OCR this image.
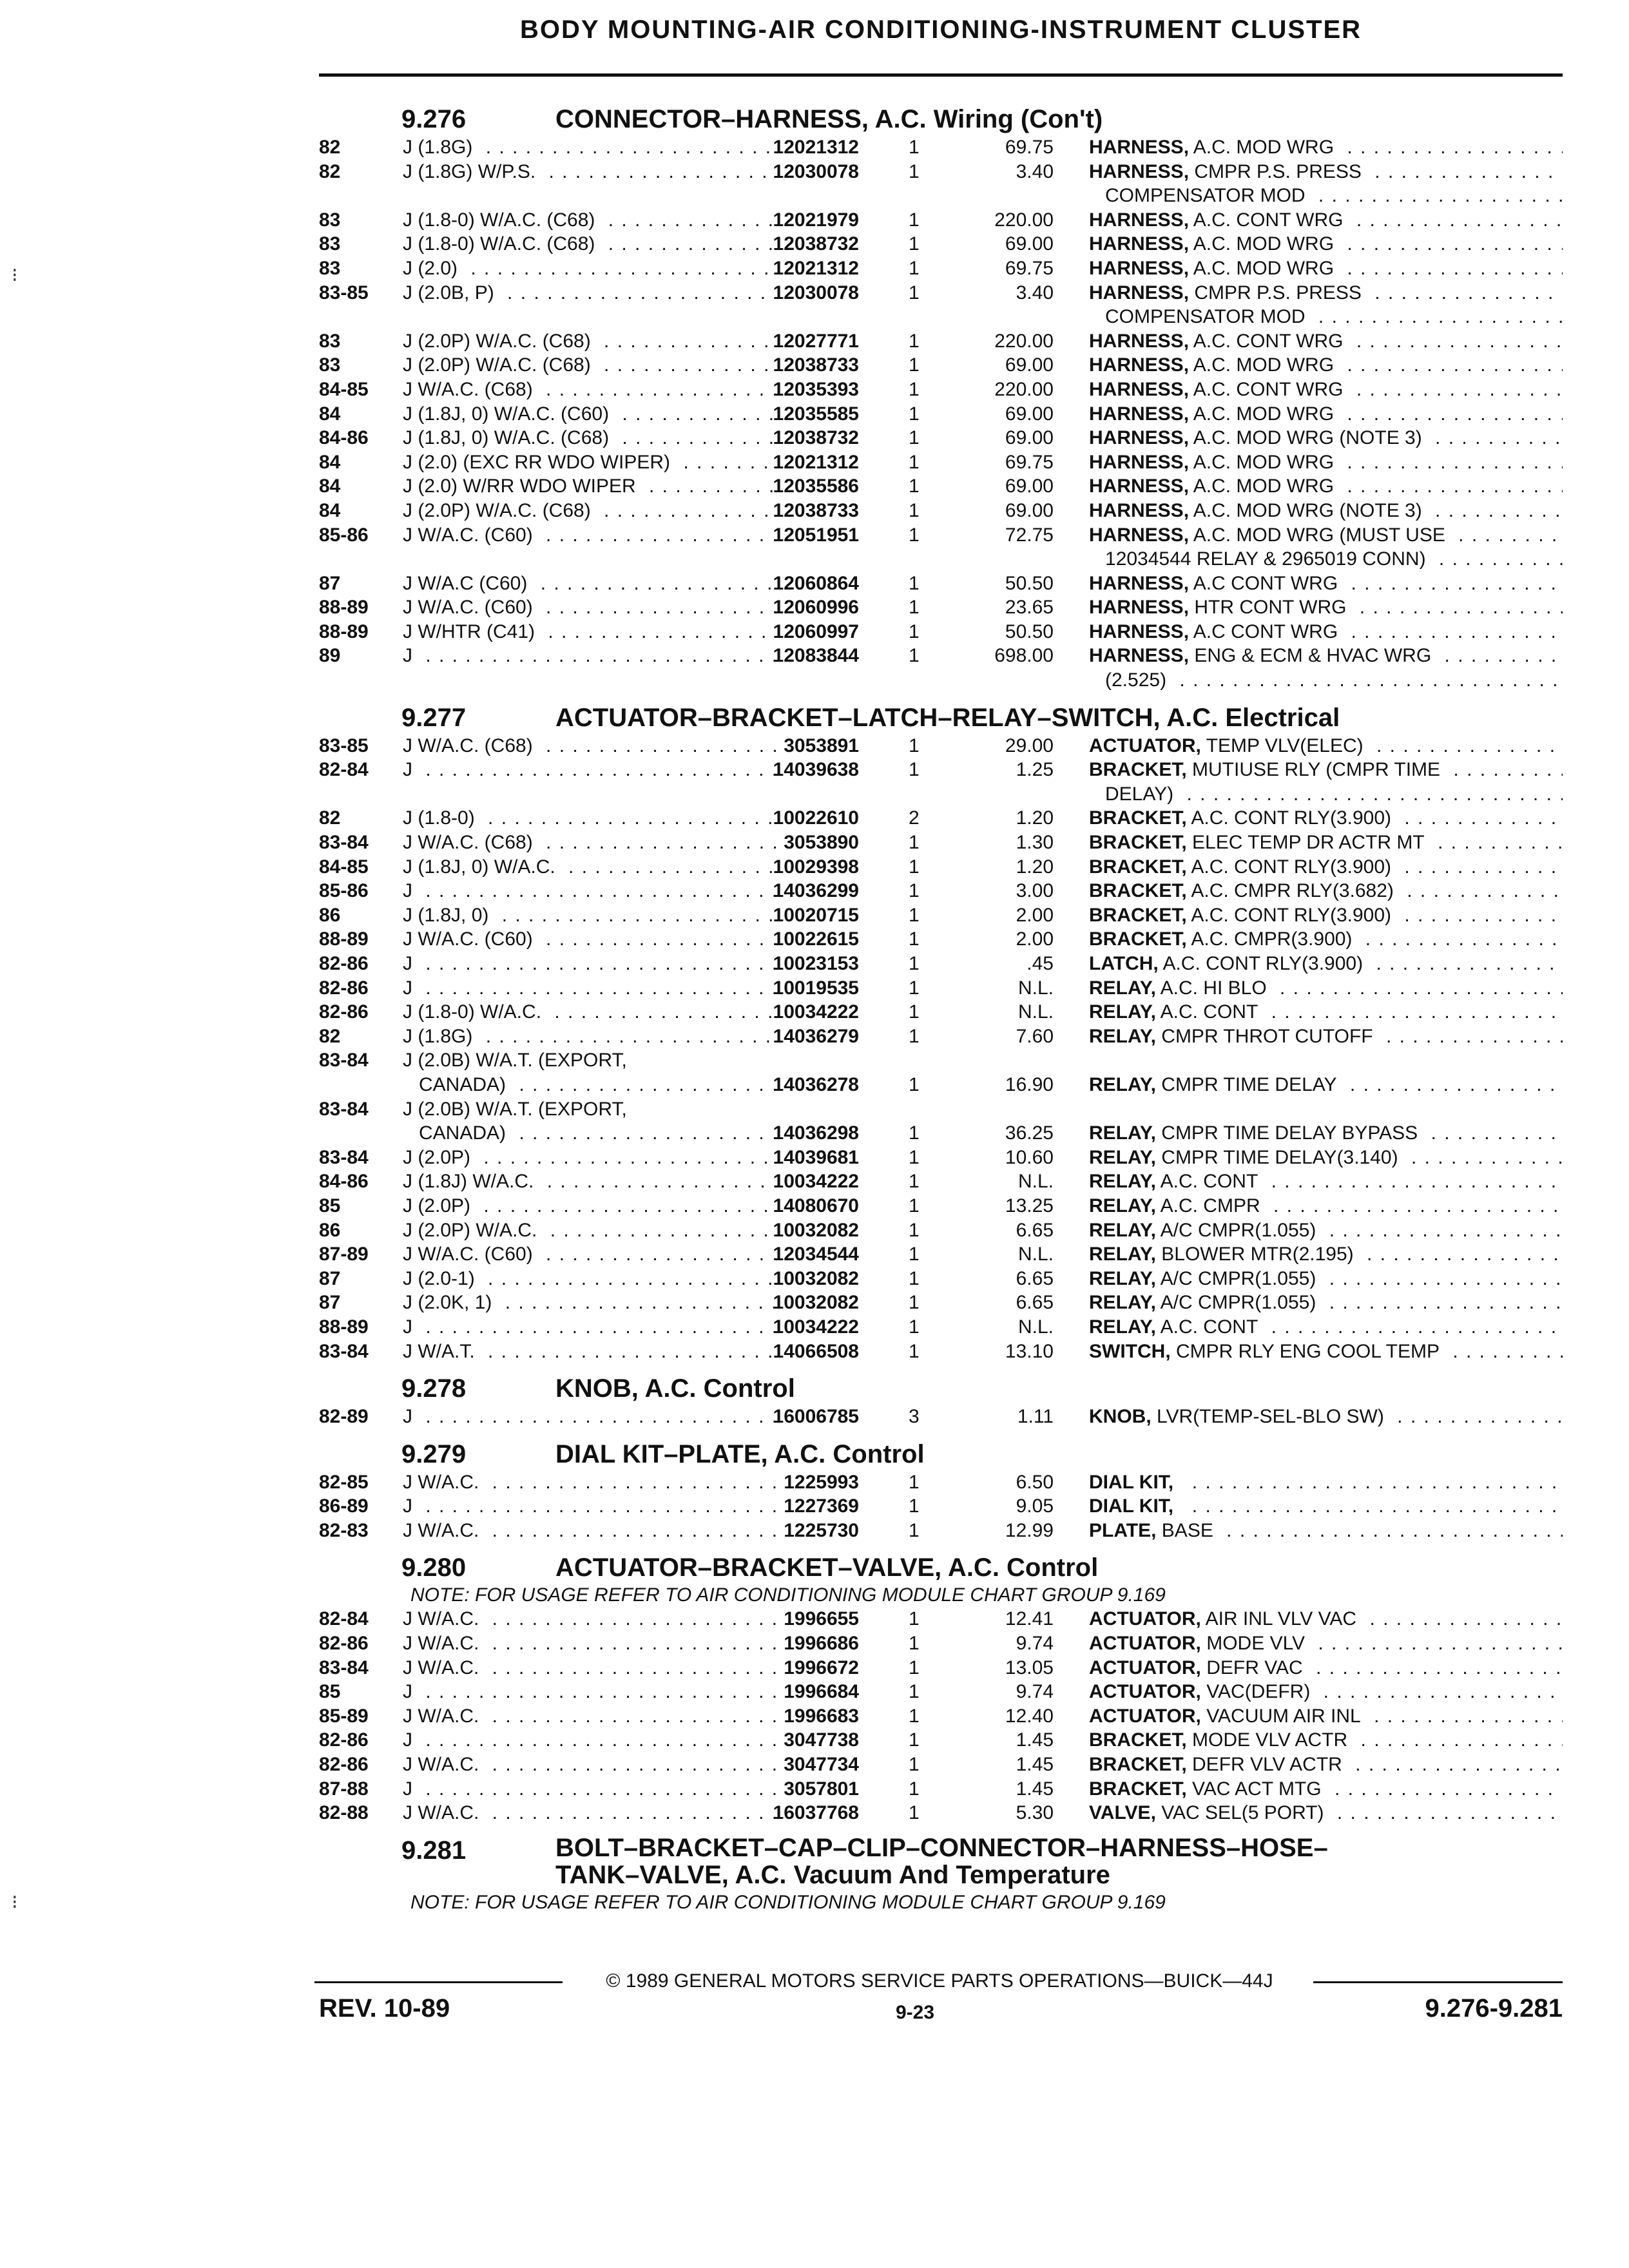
BODY MOUNTING-AIR CONDITIONING-INSTRUMENT CLUSTER
9.276	CONNECTOR–HARNESS, A.C. Wiring (Con't)
82	J (1.8G) . . .	12021312	1	69.75 HARNESS, A.C. MOD WRG . . .
82	J (1.8G) W/P.S. . . .	12030078	1	3.40 HARNESS, CMPR P.S. PRESS . . .
COMPENSATOR MOD . . .
83	J (1.8-0) W/A.C. (C68) . . .	12021979	1	220.00 HARNESS, A.C. CONT WRG . . .
83	J (1.8-0) W/A.C. (C68) . . .	12038732	1	69.00 HARNESS, A.C. MOD WRG . . .
83	J (2.0) . . .	12021312	1	69.75 HARNESS, A.C. MOD WRG . . .
83-85	J (2.0B, P) . . .	12030078	1	3.40 HARNESS, CMPR P.S. PRESS . . .
COMPENSATOR MOD . . .
83	J (2.0P) W/A.C. (C68) . . .	12027771	1	220.00 HARNESS, A.C. CONT WRG . . .
83	J (2.0P) W/A.C. (C68) . . .	12038733	1	69.00 HARNESS, A.C. MOD WRG . . .
84-85	J W/A.C. (C68) . . .	12035393	1	220.00 HARNESS, A.C. CONT WRG . . .
84	J (1.8J, 0) W/A.C. (C60) . . .	12035585	1	69.00 HARNESS, A.C. MOD WRG . . .
84-86	J (1.8J, 0) W/A.C. (C68) . . .	12038732	1	69.00 HARNESS, A.C. MOD WRG (NOTE 3) . . .
84	J (2.0) (EXC RR WDO WIPER) . . .	12021312	1	69.75 HARNESS, A.C. MOD WRG . . .
84	J (2.0) W/RR WDO WIPER . . .	12035586	1	69.00 HARNESS, A.C. MOD WRG . . .
84	J (2.0P) W/A.C. (C68) . . .	12038733	1	69.00 HARNESS, A.C. MOD WRG (NOTE 3) . . .
85-86	J W/A.C. (C60) . . .	12051951	1	72.75 HARNESS, A.C. MOD WRG (MUST USE . . .
12034544 RELAY & 2965019 CONN) . . .
87	J W/A.C (C60) . . .	12060864	1	50.50 HARNESS, A.C CONT WRG . . .
88-89	J W/A.C. (C60) . . .	12060996	1	23.65 HARNESS, HTR CONT WRG . . .
88-89	J W/HTR (C41) . . .	12060997	1	50.50 HARNESS, A.C CONT WRG . . .
89	J . . .	12083844	1	698.00 HARNESS, ENG & ECM & HVAC WRG . . .
(2.525) . . .
9.277	ACTUATOR–BRACKET–LATCH–RELAY–SWITCH, A.C. Electrical
83-85	J W/A.C. (C68) . . .	3053891	1	29.00 ACTUATOR, TEMP VLV(ELEC) . . .
82-84	J . . .	14039638	1	1.25 BRACKET, MUTIUSE RLY (CMPR TIME . . .
DELAY) . . .
82	J (1.8-0) . . .	10022610	2	1.20 BRACKET, A.C. CONT RLY(3.900) . . .
83-84	J W/A.C. (C68) . . .	3053890	1	1.30 BRACKET, ELEC TEMP DR ACTR MT . . .
84-85	J (1.8J, 0) W/A.C. . . .	10029398	1	1.20 BRACKET, A.C. CONT RLY(3.900) . . .
85-86	J . . .	14036299	1	3.00 BRACKET, A.C. CMPR RLY(3.682) . . .
86	J (1.8J, 0) . . .	10020715	1	2.00 BRACKET, A.C. CONT RLY(3.900) . . .
88-89	J W/A.C. (C60) . . .	10022615	1	2.00 BRACKET, A.C. CMPR(3.900) . . .
82-86	J . . .	10023153	1	.45 LATCH, A.C. CONT RLY(3.900) . . .
82-86	J . . .	10019535	1	N.L. RELAY, A.C. HI BLO . . .
82-86	J (1.8-0) W/A.C. . . .	10034222	1	N.L. RELAY, A.C. CONT . . .
82	J (1.8G) . . .	14036279	1	7.60 RELAY, CMPR THROT CUTOFF . . .
83-84	J (2.0B) W/A.T. (EXPORT,
CANADA) . . .	14036278	1	16.90 RELAY, CMPR TIME DELAY . . .
83-84	J (2.0B) W/A.T. (EXPORT,
CANADA) . . .	14036298	1	36.25 RELAY, CMPR TIME DELAY BYPASS . . .
83-84	J (2.0P) . . .	14039681	1	10.60 RELAY, CMPR TIME DELAY(3.140) . . .
84-86	J (1.8J) W/A.C. . . .	10034222	1	N.L. RELAY, A.C. CONT . . .
85	J (2.0P) . . .	14080670	1	13.25 RELAY, A.C. CMPR . . .
86	J (2.0P) W/A.C. . . .	10032082	1	6.65 RELAY, A/C CMPR(1.055) . . .
87-89	J W/A.C. (C60) . . .	12034544	1	N.L. RELAY, BLOWER MTR(2.195) . . .
87	J (2.0-1) . . .	10032082	1	6.65 RELAY, A/C CMPR(1.055) . . .
87	J (2.0K, 1) . . .	10032082	1	6.65 RELAY, A/C CMPR(1.055) . . .
88-89	J . . .	10034222	1	N.L. RELAY, A.C. CONT . . .
83-84	J W/A.T. . . .	14066508	1	13.10 SWITCH, CMPR RLY ENG COOL TEMP . . .
9.278	KNOB, A.C. Control
82-89	J . . .	16006785	3	1.11 KNOB, LVR(TEMP-SEL-BLO SW) . . .
9.279	DIAL KIT–PLATE, A.C. Control
82-85	J W/A.C. . . .	1225993	1	6.50 DIAL KIT,  . . .
86-89	J . . .	1227369	1	9.05 DIAL KIT,  . . .
82-83	J W/A.C. . . .	1225730	1	12.99 PLATE, BASE . . .
9.280	ACTUATOR–BRACKET–VALVE, A.C. Control
NOTE: FOR USAGE REFER TO AIR CONDITIONING MODULE CHART GROUP 9.169
82-84	J W/A.C. . . .	1996655	1	12.41 ACTUATOR, AIR INL VLV VAC . . .
82-86	J W/A.C. . . .	1996686	1	9.74 ACTUATOR, MODE VLV . . .
83-84	J W/A.C. . . .	1996672	1	13.05 ACTUATOR, DEFR VAC . . .
85	J . . .	1996684	1	9.74 ACTUATOR, VAC(DEFR) . . .
85-89	J W/A.C. . . .	1996683	1	12.40 ACTUATOR, VACUUM AIR INL . . .
82-86	J . . .	3047738	1	1.45 BRACKET, MODE VLV ACTR . . .
82-86	J W/A.C. . . .	3047734	1	1.45 BRACKET, DEFR VLV ACTR . . .
87-88	J . . .	3057801	1	1.45 BRACKET, VAC ACT MTG . . .
82-88	J W/A.C. . . .	16037768	1	5.30 VALVE, VAC SEL(5 PORT) . . .
9.281	BOLT–BRACKET–CAP–CLIP–CONNECTOR–HARNESS–HOSE–
TANK–VALVE, A.C. Vacuum And Temperature
NOTE: FOR USAGE REFER TO AIR CONDITIONING MODULE CHART GROUP 9.169
© 1989 GENERAL MOTORS SERVICE PARTS OPERATIONS—BUICK—44J
REV. 10-89	9-23	9.276-9.281
⁝
⁝
